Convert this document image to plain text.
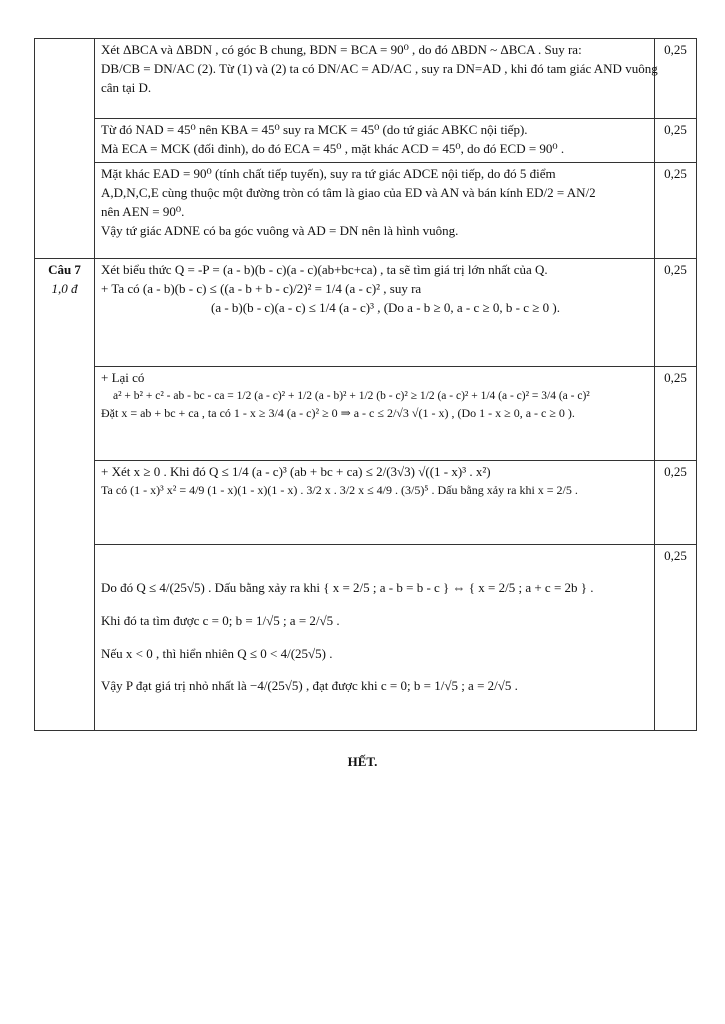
	Xét ΔBCA và ΔBDN , có góc B chung, BDN = BCA = 90⁰ , do đó ΔBDN ~ ΔBCA . Suy ra:
DB/CB = DN/AC (2). Từ (1) và (2) ta có DN/AC = AD/AC , suy ra DN=AD , khi đó tam giác AND vuông
cân tại D.	0,25

	Từ đó NAD = 45⁰ nên KBA = 45⁰ suy ra MCK = 45⁰ (do tứ giác ABKC nội tiếp).
Mà ECA = MCK (đối đỉnh), do đó ECA = 45⁰ , mặt khác ACD = 45⁰, do đó ECD = 90⁰ .	0,25

	Mặt khác EAD = 90⁰ (tính chất tiếp tuyến), suy ra tứ giác ADCE nội tiếp, do đó 5 điểm
A,D,N,C,E cùng thuộc một đường tròn có tâm là giao của ED và AN và bán kính ED/2 = AN/2
nên AEN = 90⁰.
Vậy tứ giác ADNE có ba góc vuông và AD = DN nên là hình vuông.	0,25

Câu 7
1,0 đ	Xét biểu thức Q = -P = (a - b)(b - c)(a - c)(ab+bc+ca) , ta sẽ tìm giá trị lớn nhất của Q.
+ Ta có (a - b)(b - c) ≤ ((a - b + b - c)/2)² = 1/4 (a - c)² , suy ra
(a - b)(b - c)(a - c) ≤ 1/4 (a - c)³ , (Do a - b ≥ 0, a - c ≥ 0, b - c ≥ 0 ).	0,25

	+ Lại có
a² + b² + c² - ab - bc - ca = 1/2 (a - c)² + 1/2 (a - b)² + 1/2 (b - c)² ≥ 1/2 (a - c)² + 1/4 (a - c)² = 3/4 (a - c)²
Đặt x = ab + bc + ca , ta có 1 - x ≥ 3/4 (a - c)² ≥ 0 ⇒ a - c ≤ 2/√3 √(1 - x) , (Do 1 - x ≥ 0, a - c ≥ 0 ).	0,25

	+ Xét x ≥ 0 . Khi đó Q ≤ 1/4 (a - c)³ (ab + bc + ca) ≤ 2/(3√3) √((1 - x)³ . x²)
Ta có (1 - x)³ x² = 4/9 (1 - x)(1 - x)(1 - x) . 3/2 x . 3/2 x ≤ 4/9 . (3/5)⁵ . Dấu bằng xảy ra khi x = 2/5 .	0,25

	Do đó Q ≤ 4/(25√5) . Dấu bằng xảy ra khi { x = 2/5 ; a - b = b - c } ⇔ { x = 2/5 ; a + c = 2b } .
Khi đó ta tìm được c = 0; b = 1/√5 ; a = 2/√5 .
Nếu x < 0 , thì hiển nhiên Q ≤ 0 < 4/(25√5) .
Vậy P đạt giá trị nhỏ nhất là −4/(25√5) , đạt được khi c = 0; b = 1/√5 ; a = 2/√5 .	0,25
HẾT.
